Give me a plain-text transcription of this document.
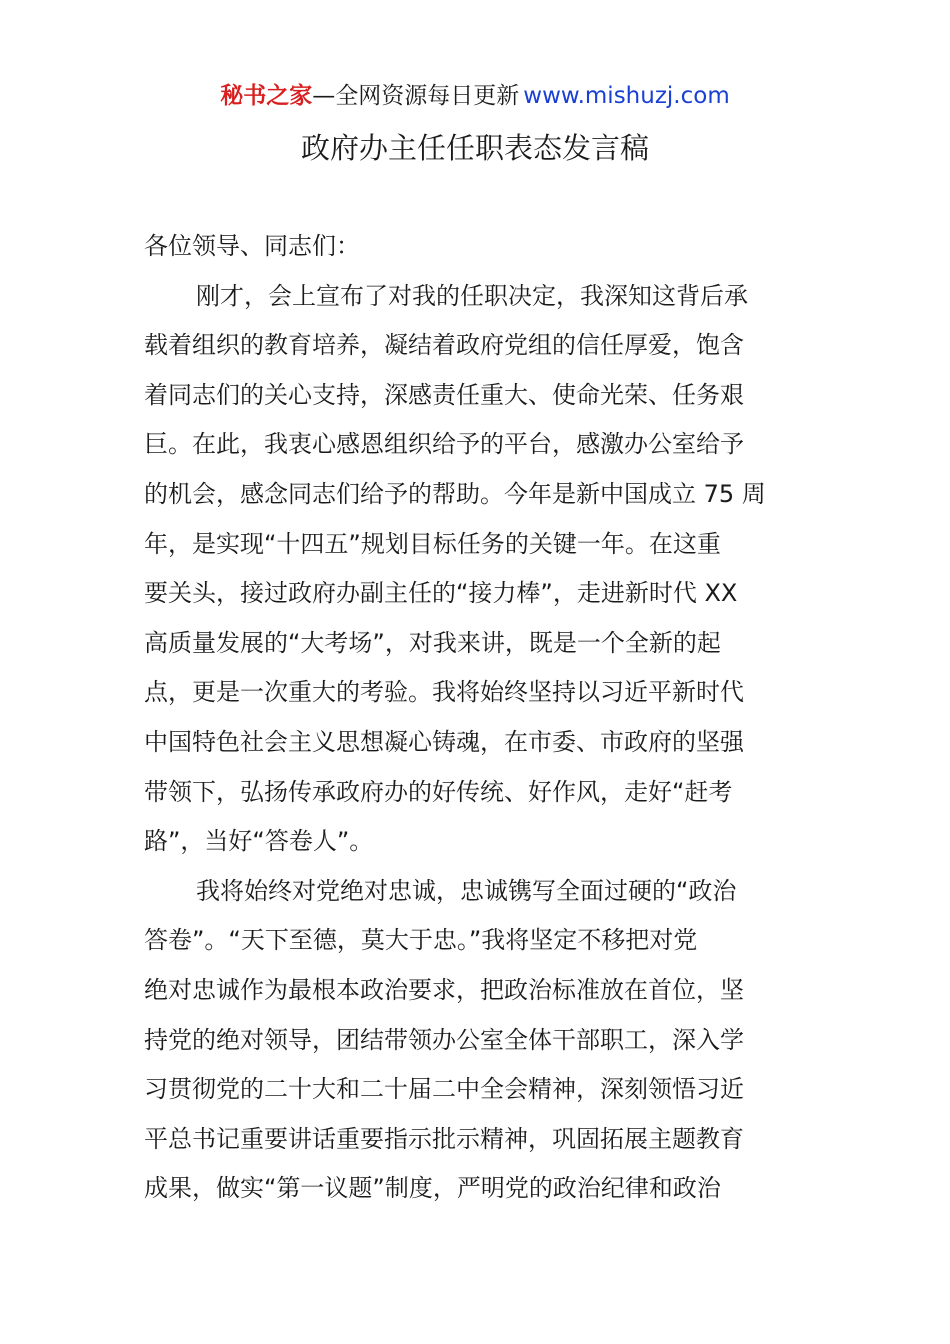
秘书之家—全网资源每日更新 www.mishuzj.com
政府办主任任职表态发言稿
各位领导、同志们：
刚才，会上宣布了对我的任职决定，我深知这背后承
载着组织的教育培养，凝结着政府党组的信任厚爱，饱含
着同志们的关心支持，深感责任重大、使命光荣、任务艰
巨。在此，我衷心感恩组织给予的平台，感激办公室给予
的机会，感念同志们给予的帮助。今年是新中国成立 75 周
年，是实现“十四五”规划目标任务的关键一年。在这重
要关头，接过政府办副主任的“接力棒”，走进新时代 XX
高质量发展的“大考场”，对我来讲，既是一个全新的起
点，更是一次重大的考验。我将始终坚持以习近平新时代
中国特色社会主义思想凝心铸魂，在市委、市政府的坚强
带领下，弘扬传承政府办的好传统、好作风，走好“赶考
路”，当好“答卷人”。
我将始终对党绝对忠诚，忠诚镌写全面过硬的“政治
答卷”。“天下至德，莫大于忠。”我将坚定不移把对党
绝对忠诚作为最根本政治要求，把政治标准放在首位，坚
持党的绝对领导，团结带领办公室全体干部职工，深入学
习贯彻党的二十大和二十届二中全会精神，深刻领悟习近
平总书记重要讲话重要指示批示精神，巩固拓展主题教育
成果，做实“第一议题”制度，严明党的政治纪律和政治
